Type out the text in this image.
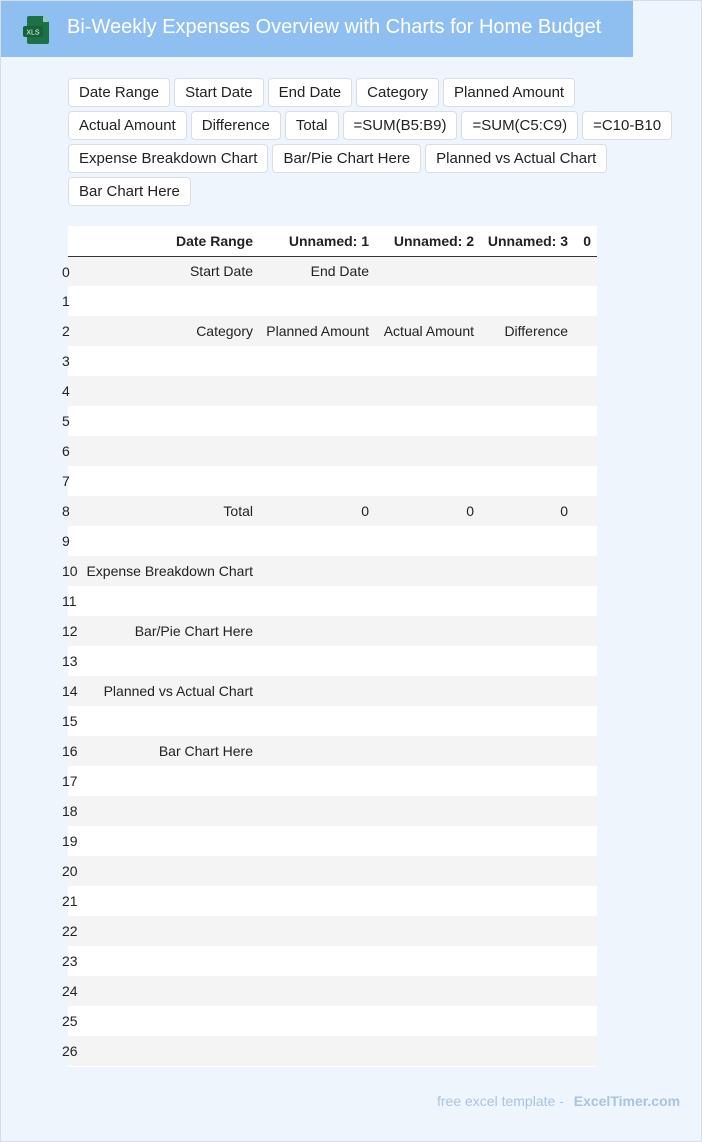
XLS Bi-Weekly Expenses Overview with Charts for Home Budget
Date Range	Start Date	End Date	Category	Planned Amount
Actual Amount	Difference	Total	=SUM(B5:B9)	=SUM(C5:C9)	=C10-B10
Expense Breakdown Chart	Bar/Pie Chart Here	Planned vs Actual Chart
Bar Chart Here
	Date Range	Unnamed: 1	Unnamed: 2	Unnamed: 3	0

0	Start Date	End Date			

1					

2	Category	Planned Amount	Actual Amount	Difference	

3					

4					

5					

6					

7					

8	Total	0	0	0	

9					

10	Expense Breakdown Chart				

11					

12	Bar/Pie Chart Here				

13					

14	Planned vs Actual Chart				

15					

16	Bar Chart Here				

17					

18					

19					

20					

21					

22					

23					

24					

25					

26					

free excel template - ExcelTimer.com
